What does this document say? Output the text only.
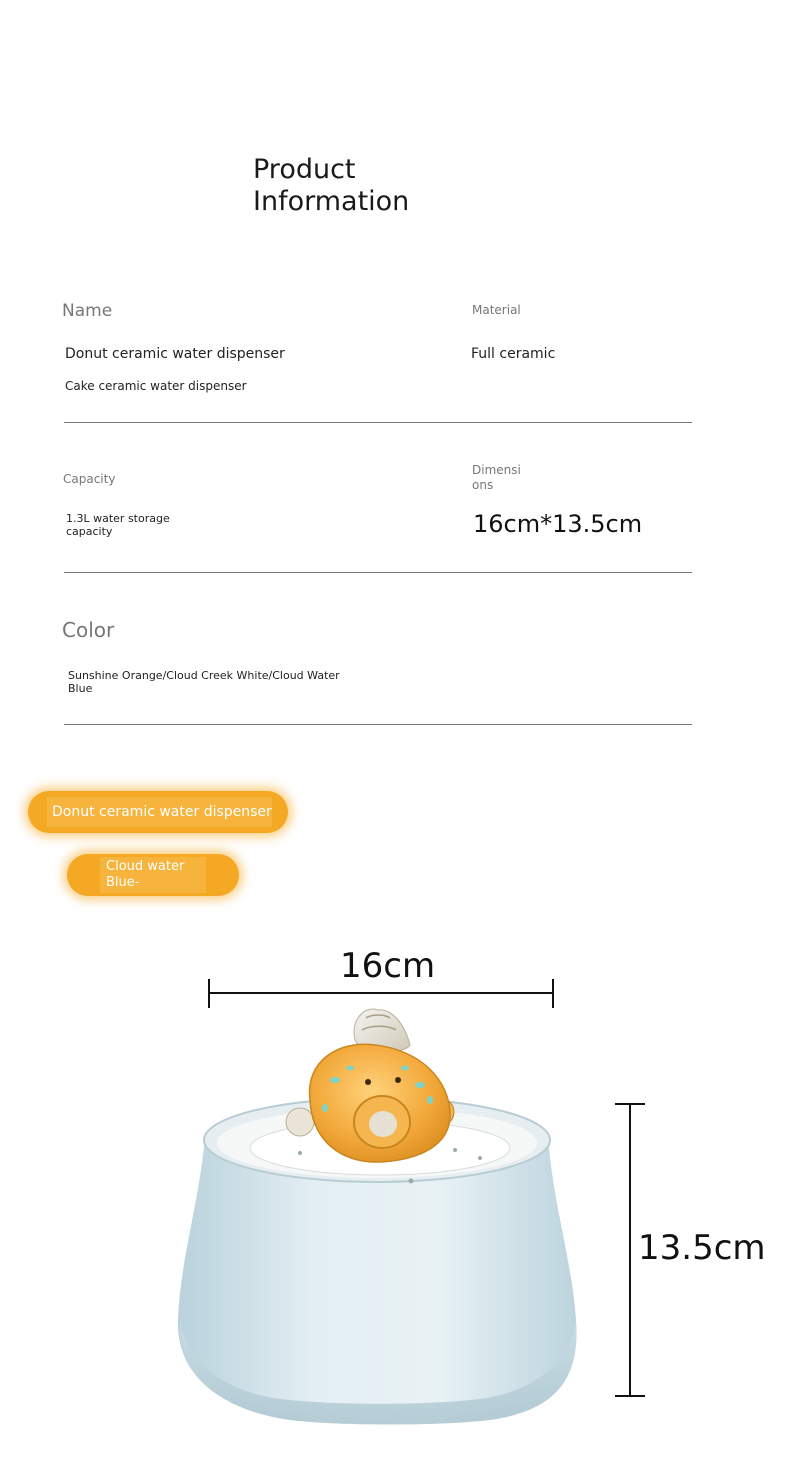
Product
Information
Name
Donut ceramic water dispenser
Cake ceramic water dispenser
Material
Full ceramic
Capacity
1.3L water storage
capacity
Dimensi
ons
16cm*13.5cm
Color
Sunshine Orange/Cloud Creek White/Cloud Water
Blue
Donut ceramic water dispenser
Cloud water
Blue-
16cm
13.5cm
